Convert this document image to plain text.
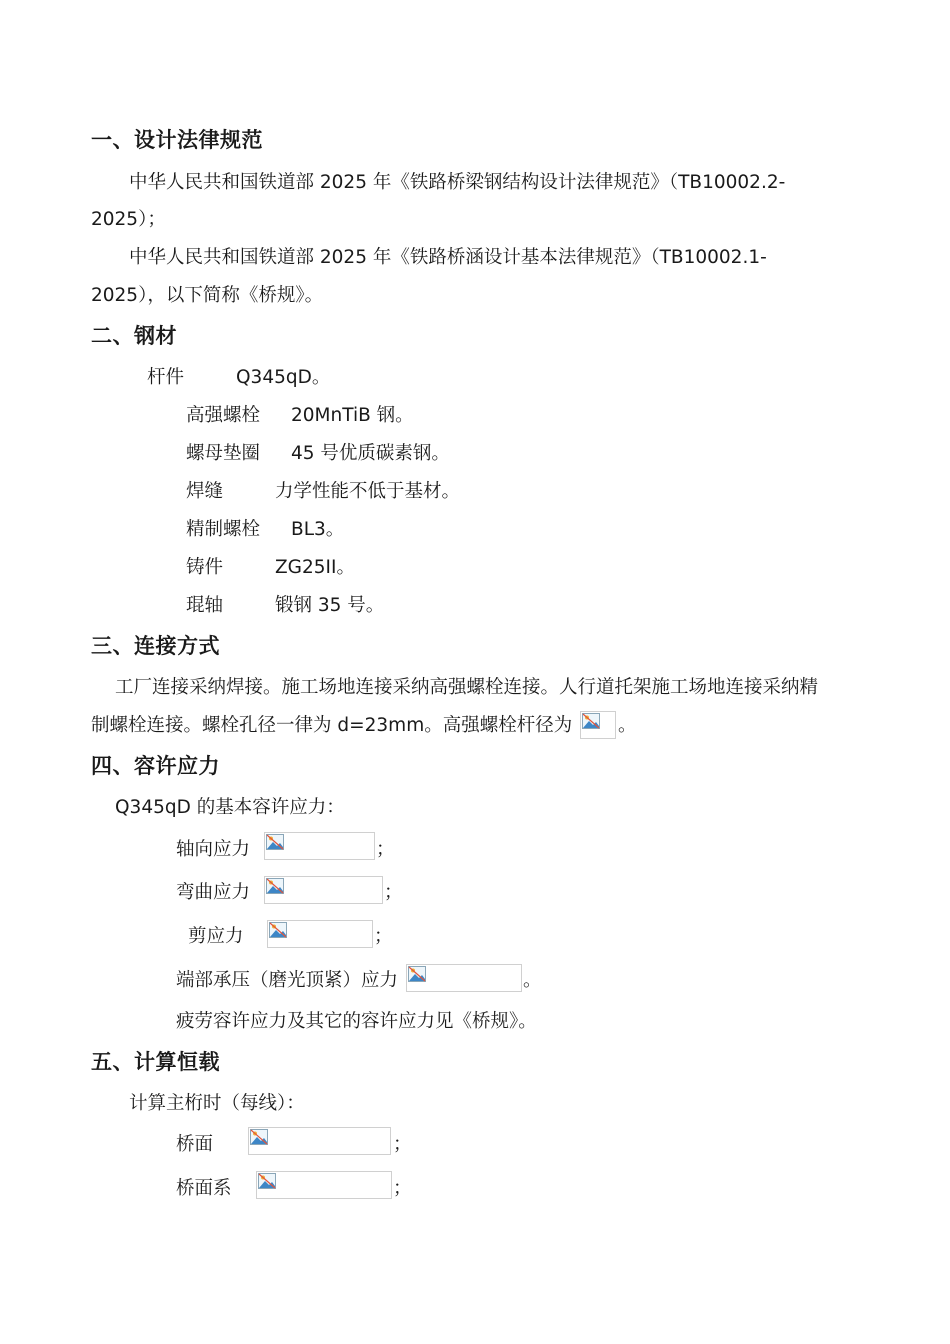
一、设计法律规范
中华人民共和国铁道部 2025 年《铁路桥梁钢结构设计法律规范》（TB10002.2-
2025）；
中华人民共和国铁道部 2025 年《铁路桥涵设计基本法律规范》（TB10002.1-
2025），以下简称《桥规》。
二、钢材
杆件	Q345qD。
高强螺栓 20MnTiB 钢。
螺母垫圈 45 号优质碳素钢。
焊缝	力学性能不低于基材。
精制螺栓 BL3。
铸件	ZG25II。
琨轴	锻钢 35 号。
三、连接方式
工厂连接采纳焊接。施工场地连接采纳高强螺栓连接。人行道托架施工场地连接采纳精
制螺栓连接。螺栓孔径一律为 d=23mm。高强螺栓杆径为 。
四、容许应力
Q345qD 的基本容许应力：
轴向应力	；
弯曲应力	；
剪应力	；
端部承压（磨光顶紧）应力	。
疲劳容许应力及其它的容许应力见《桥规》。
五、计算恒载
计算主桁时（每线）：
桥面	；
桥面系	；
